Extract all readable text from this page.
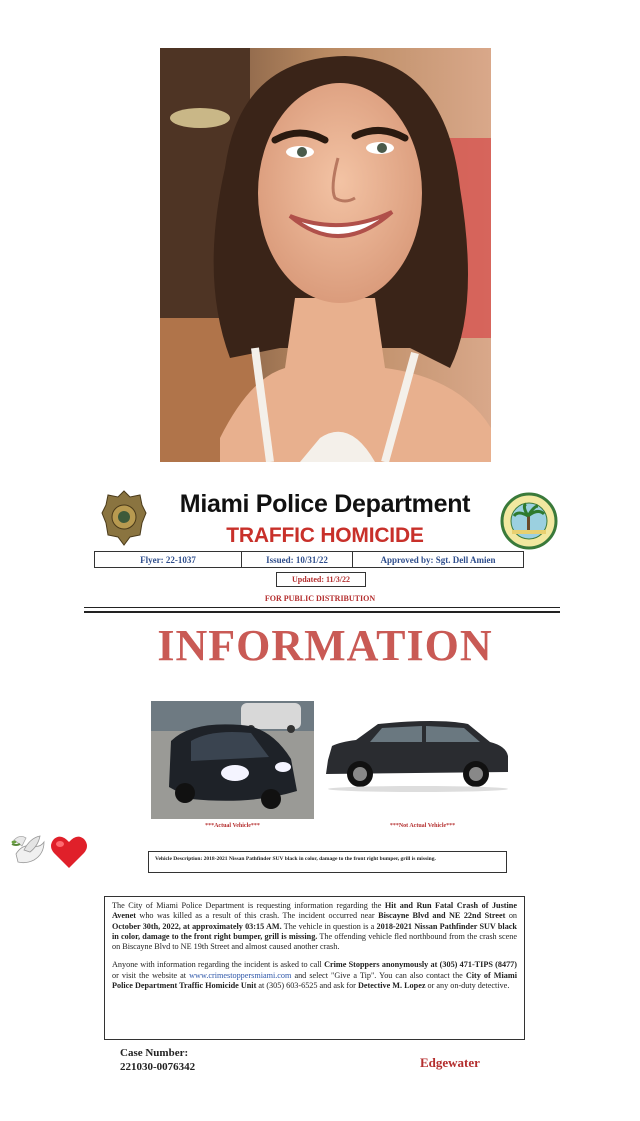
Miami Police Department
TRAFFIC HOMICIDE
Flyer: 22-1037	Issued: 10/31/22	Approved by: Sgt. Dell Amien
Updated: 11/3/22
FOR PUBLIC DISTRIBUTION
INFORMATION
***Actual Vehicle***	***Not Actual Vehicle***
Vehicle Description: 2018-2021 Nissan Pathfinder SUV black in color, damage to the front right bumper, grill is missing.

The City of Miami Police Department is requesting information regarding the Hit and Run Fatal Crash of Justine Avenet who was killed as a result of this crash. The incident occurred near Biscayne Blvd and NE 22nd Street on October 30th, 2022, at approximately 03:15 AM. The vehicle in question is a 2018-2021 Nissan Pathfinder SUV black in color, damage to the front right bumper, grill is missing. The offending vehicle fled northbound from the crash scene on Biscayne Blvd to NE 19th Street and almost caused another crash.

Anyone with information regarding the incident is asked to call Crime Stoppers anonymously at (305) 471-TIPS (8477) or visit the website at www.crimestoppersmiami.com and select "Give a Tip". You can also contact the City of Miami Police Department Traffic Homicide Unit at (305) 603-6525 and ask for Detective M. Lopez or any on-duty detective.

Case Number:
221030-0076342	Edgewater
